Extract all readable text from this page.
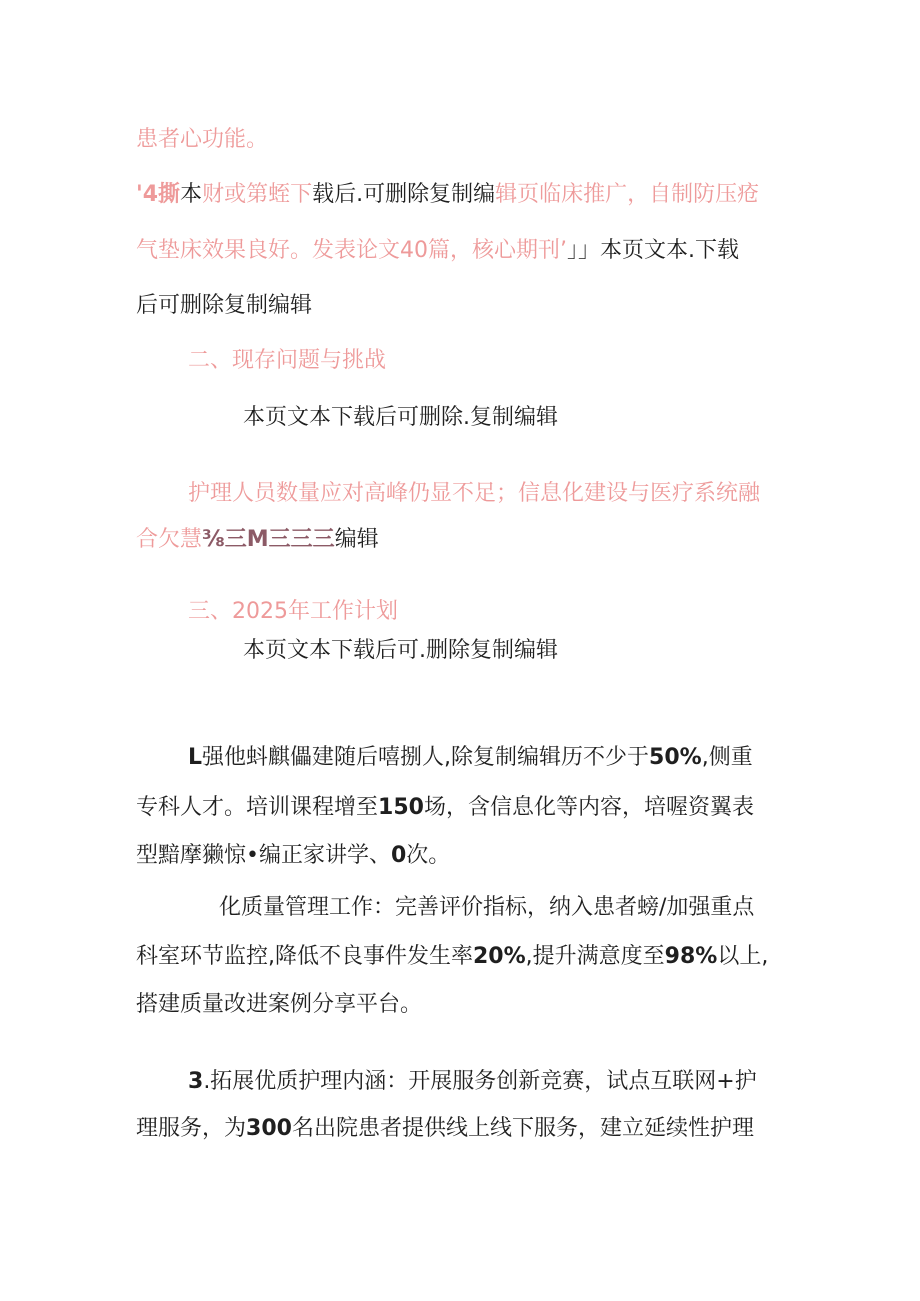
患者心功能。
'4撕本财或第蛭下载后.可删除复制编辑页临床推广，自制防压疮
气垫床效果良好。发表论文40篇，核心期刊’」」本页文本.下载
后可删除复制编辑
二、现存问题与挑战
本页文本下载后可删除.复制编辑
护理人员数量应对高峰仍显不足；信息化建设与医疗系统融
合欠慧⅜三M三三三编辑
三、2025年工作计划
本页文本下载后可.删除复制编辑
L强他蚪麒儡建随后嘻捌人,除复制编辑历不少于50%,侧重
专科人才。培训课程增至150场，含信息化等内容，培喔资翼表
型黯摩獭惊•编正家讲学、0次。
化质量管理工作：完善评价指标，纳入患者螃/加强重点
科室环节监控,降低不良事件发生率20%,提升满意度至98%以上,
搭建质量改进案例分享平台。
3.拓展优质护理内涵：开展服务创新竞赛，试点互联网+护
理服务，为300名出院患者提供线上线下服务，建立延续性护理
